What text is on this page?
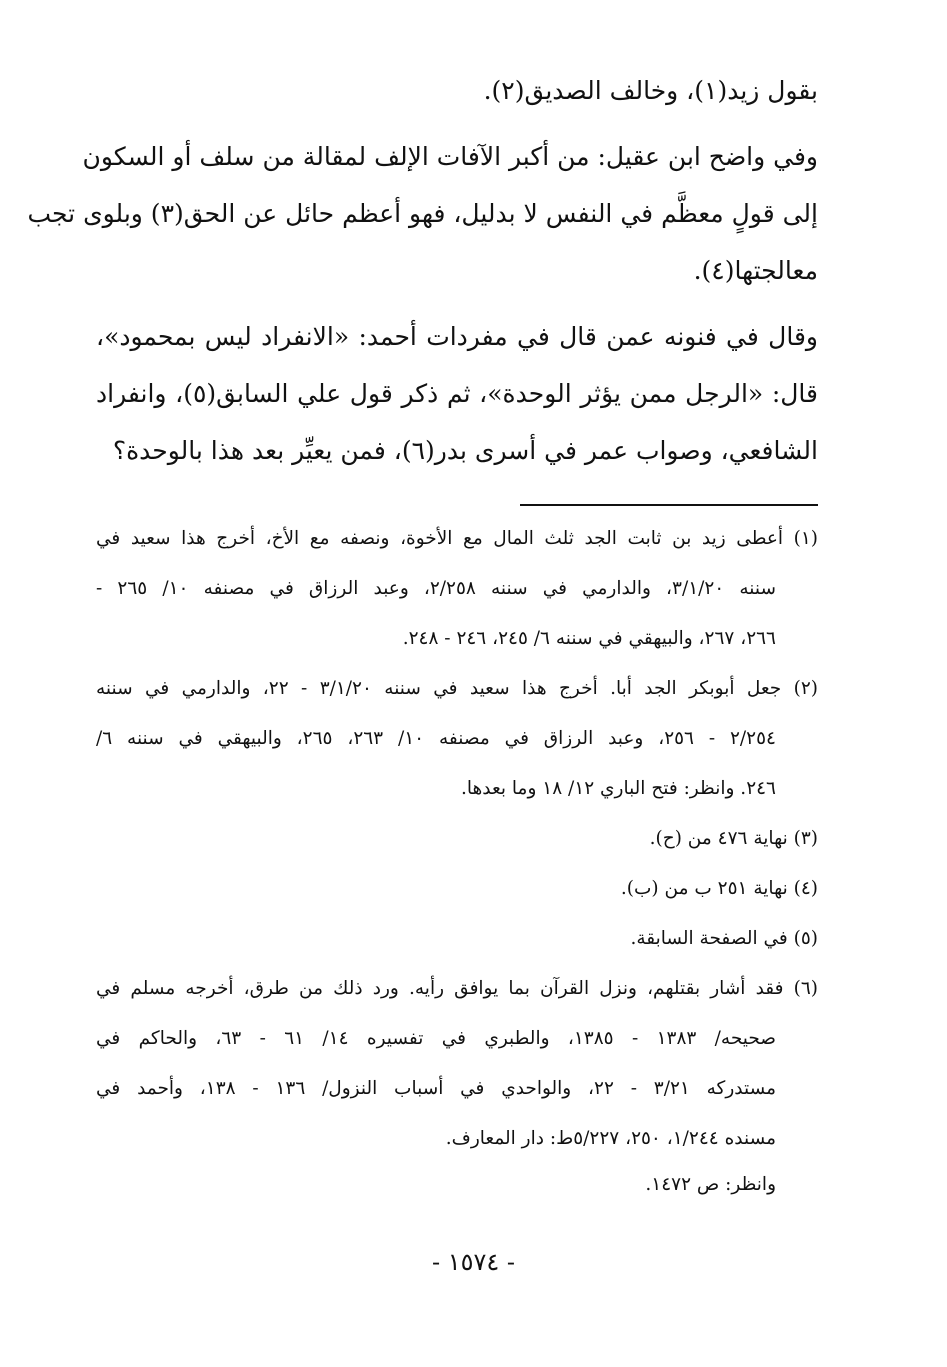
بقول زيد(١)، وخالف الصديق(٢).
وفي واضح ابن عقيل: من أكبر الآفات الإلف لمقالة من سلف أو السكون
إلى قولٍ معظَّم في النفس لا بدليل، فهو أعظم حائل عن الحق(٣) وبلوى تجب
معالجتها(٤).
وقال في فنونه عمن قال في مفردات أحمد: «الانفراد ليس بمحمود»،
قال: «الرجل ممن يؤثر الوحدة»، ثم ذكر قول علي السابق(٥)، وانفراد
الشافعي، وصواب عمر في أسرى بدر(٦)، فمن يعيِّر بعد هذا بالوحدة؟
(١) أعطى زيد بن ثابت الجد ثلث المال مع الأخوة، ونصفه مع الأخ، أخرج هذا سعيد في
سننه ٣/١/٢٠، والدارمي في سننه ٢/٢٥٨، وعبد الرزاق في مصنفه ١٠/ ٢٦٥ -
٢٦٦، ٢٦٧، والبيهقي في سننه ٦/ ٢٤٥، ٢٤٦ - ٢٤٨.
(٢) جعل أبوبكر الجد أبا. أخرج هذا سعيد في سننه ٣/١/٢٠ - ٢٢، والدارمي في سننه
٢/٢٥٤ - ٢٥٦، وعبد الرزاق في مصنفه ١٠/ ٢٦٣، ٢٦٥، والبيهقي في سننه ٦/
٢٤٦. وانظر: فتح الباري ١٢/ ١٨ وما بعدها.
(٣) نهاية ٤٧٦ من (ح).
(٤) نهاية ٢٥١ ب من (ب).
(٥) في الصفحة السابقة.
(٦) فقد أشار بقتلهم، ونزل القرآن بما يوافق رأيه. ورد ذلك من طرق، أخرجه مسلم في
صحيحه/ ١٣٨٣ - ١٣٨٥، والطبري في تفسيره ١٤/ ٦١ - ٦٣، والحاكم في
مستدركه ٣/٢١ - ٢٢، والواحدي في أسباب النزول/ ١٣٦ - ١٣٨، وأحمد في
مسنده ١/٢٤٤، ٢٥٠، ٥/٢٢٧ط: دار المعارف.
وانظر: ص ١٤٧٢.
- ١٥٧٤ -
